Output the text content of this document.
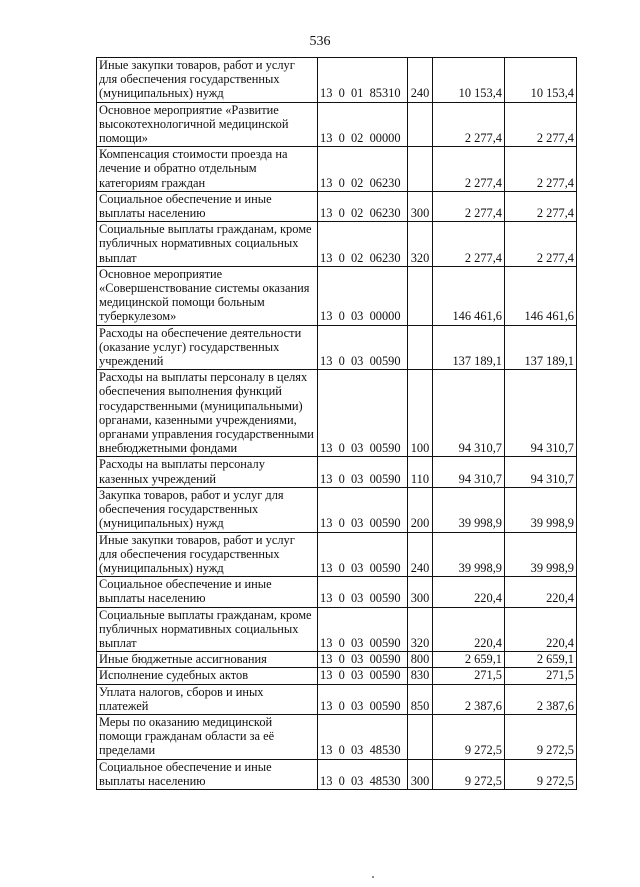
536
Иные закупки товаров, работ и услуг для обеспечения государственных (муниципальных) нужд	13  0  01  85310	240	10 153,4	10 153,4
Основное мероприятие «Развитие высокотехнологичной медицинской помощи»	13  0  02  00000		2 277,4	2 277,4
Компенсация стоимости проезда на лечение и обратно отдельным категориям граждан	13  0  02  06230		2 277,4	2 277,4
Социальное обеспечение и иные выплаты населению	13  0  02  06230	300	2 277,4	2 277,4
Социальные выплаты гражданам, кроме публичных нормативных социальных выплат	13  0  02  06230	320	2 277,4	2 277,4
Основное мероприятие «Совершенствование системы оказания медицинской помощи больным туберкулезом»	13  0  03  00000		146 461,6	146 461,6
Расходы на обеспечение деятельности (оказание услуг) государственных учреждений	13  0  03  00590		137 189,1	137 189,1
Расходы на выплаты персоналу в целях обеспечения выполнения функций государственными (муниципальными) органами, казенными учреждениями, органами управления государственными внебюджетными фондами	13  0  03  00590	100	94 310,7	94 310,7
Расходы на выплаты персоналу казенных учреждений	13  0  03  00590	110	94 310,7	94 310,7
Закупка товаров, работ и услуг для обеспечения государственных (муниципальных) нужд	13  0  03  00590	200	39 998,9	39 998,9
Иные закупки товаров, работ и услуг для обеспечения государственных (муниципальных) нужд	13  0  03  00590	240	39 998,9	39 998,9
Социальное обеспечение и иные выплаты населению	13  0  03  00590	300	220,4	220,4
Социальные выплаты гражданам, кроме публичных нормативных социальных выплат	13  0  03  00590	320	220,4	220,4
Иные бюджетные ассигнования	13  0  03  00590	800	2 659,1	2 659,1
Исполнение судебных актов	13  0  03  00590	830	271,5	271,5
Уплата налогов, сборов и иных платежей	13  0  03  00590	850	2 387,6	2 387,6
Меры по оказанию медицинской помощи гражданам области за её пределами	13  0  03  48530		9 272,5	9 272,5
Социальное обеспечение и иные выплаты населению	13  0  03  48530	300	9 272,5	9 272,5
